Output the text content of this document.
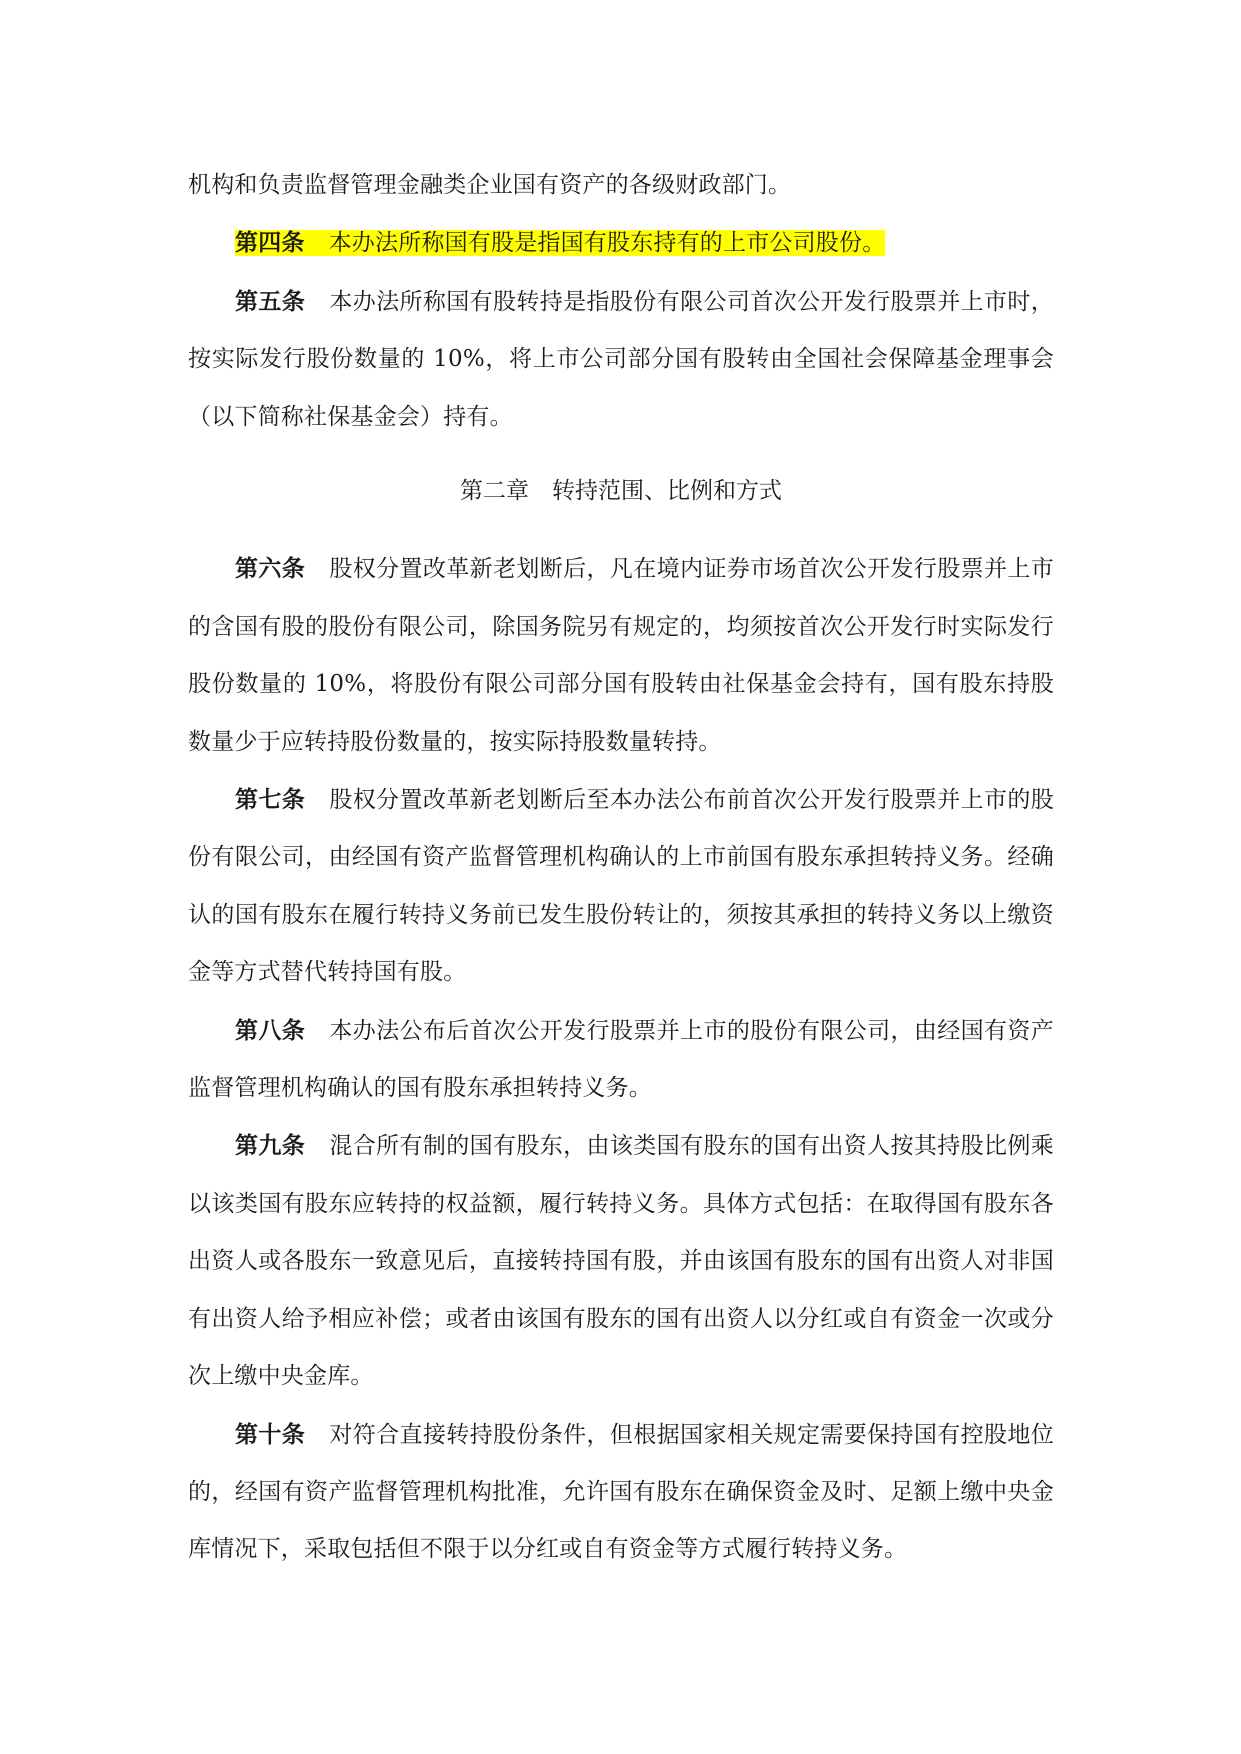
机构和负责监督管理金融类企业国有资产的各级财政部门。

第四条 本办法所称国有股是指国有股东持有的上市公司股份。

第五条 本办法所称国有股转持是指股份有限公司首次公开发行股票并上市时，按实际发行股份数量的 10%，将上市公司部分国有股转由全国社会保障基金理事会（以下简称社保基金会）持有。

第二章　转持范围、比例和方式

第六条 股权分置改革新老划断后，凡在境内证券市场首次公开发行股票并上市的含国有股的股份有限公司，除国务院另有规定的，均须按首次公开发行时实际发行股份数量的 10%，将股份有限公司部分国有股转由社保基金会持有，国有股东持股数量少于应转持股份数量的，按实际持股数量转持。

第七条 股权分置改革新老划断后至本办法公布前首次公开发行股票并上市的股份有限公司，由经国有资产监督管理机构确认的上市前国有股东承担转持义务。经确认的国有股东在履行转持义务前已发生股份转让的，须按其承担的转持义务以上缴资金等方式替代转持国有股。

第八条 本办法公布后首次公开发行股票并上市的股份有限公司，由经国有资产监督管理机构确认的国有股东承担转持义务。

第九条 混合所有制的国有股东，由该类国有股东的国有出资人按其持股比例乘以该类国有股东应转持的权益额，履行转持义务。具体方式包括：在取得国有股东各出资人或各股东一致意见后，直接转持国有股，并由该国有股东的国有出资人对非国有出资人给予相应补偿；或者由该国有股东的国有出资人以分红或自有资金一次或分次上缴中央金库。

第十条 对符合直接转持股份条件，但根据国家相关规定需要保持国有控股地位的，经国有资产监督管理机构批准，允许国有股东在确保资金及时、足额上缴中央金库情况下，采取包括但不限于以分红或自有资金等方式履行转持义务。
